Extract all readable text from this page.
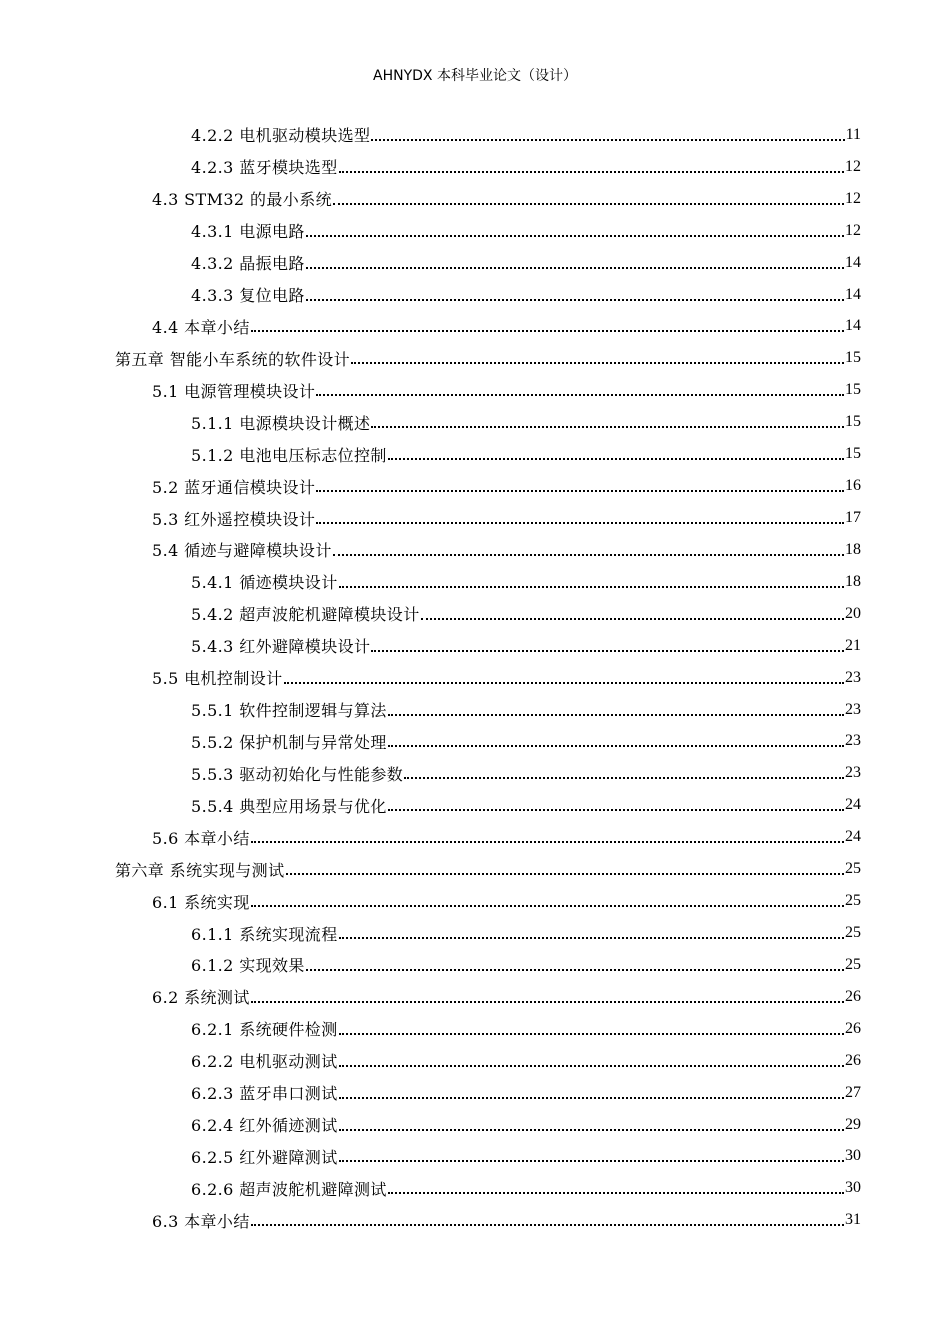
AHNYDX 本科毕业论文（设计）
4.2.2 电机驱动模块选型	11
4.2.3 蓝牙模块选型	12
4.3 STM32 的最小系统	12
4.3.1 电源电路	12
4.3.2 晶振电路	14
4.3.3 复位电路	14
4.4 本章小结	14
第五章 智能小车系统的软件设计	15
5.1 电源管理模块设计	15
5.1.1 电源模块设计概述	15
5.1.2 电池电压标志位控制	15
5.2 蓝牙通信模块设计	16
5.3 红外遥控模块设计	17
5.4 循迹与避障模块设计	18
5.4.1 循迹模块设计	18
5.4.2 超声波舵机避障模块设计	20
5.4.3 红外避障模块设计	21
5.5 电机控制设计	23
5.5.1 软件控制逻辑与算法	23
5.5.2 保护机制与异常处理	23
5.5.3 驱动初始化与性能参数	23
5.5.4 典型应用场景与优化	24
5.6 本章小结	24
第六章 系统实现与测试	25
6.1 系统实现	25
6.1.1 系统实现流程	25
6.1.2 实现效果	25
6.2 系统测试	26
6.2.1 系统硬件检测	26
6.2.2 电机驱动测试	26
6.2.3 蓝牙串口测试	27
6.2.4 红外循迹测试	29
6.2.5 红外避障测试	30
6.2.6 超声波舵机避障测试	30
6.3 本章小结	31
